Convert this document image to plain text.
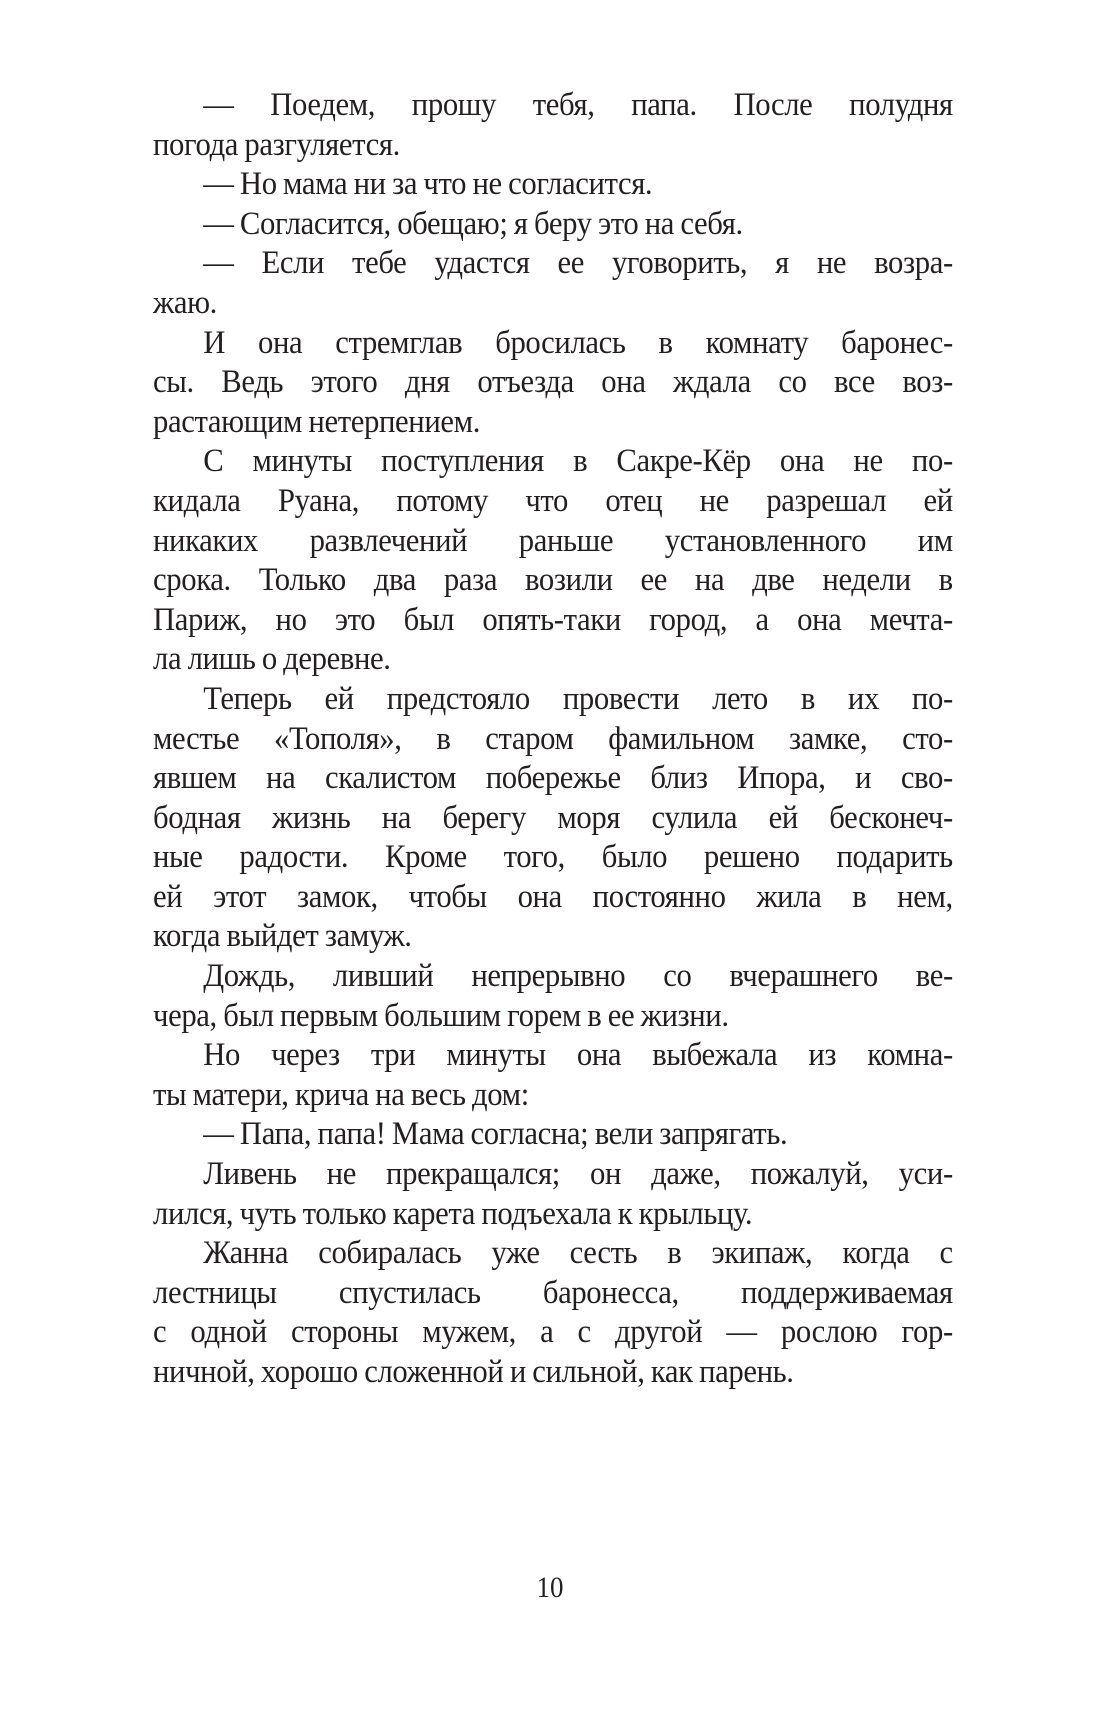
— Поедем, прошу тебя, папа. После полудня
погода разгуляется.
— Но мама ни за что не согласится.
— Согласится, обещаю; я беру это на себя.
— Если тебе удастся ее уговорить, я не возра-
жаю.
И она стремглав бросилась в комнату баронес-
сы. Ведь этого дня отъезда она ждала со все воз-
растающим нетерпением.
С минуты поступления в Сакре-Кёр она не по-
кидала Руана, потому что отец не разрешал ей
никаких развлечений раньше установленного им
срока. Только два раза возили ее на две недели в
Париж, но это был опять-таки город, а она мечта-
ла лишь о деревне.
Теперь ей предстояло провести лето в их по-
местье «Тополя», в старом фамильном замке, сто-
явшем на скалистом побережье близ Ипора, и сво-
бодная жизнь на берегу моря сулила ей бесконеч-
ные радости. Кроме того, было решено подарить
ей этот замок, чтобы она постоянно жила в нем,
когда выйдет замуж.
Дождь, ливший непрерывно со вчерашнего ве-
чера, был первым большим горем в ее жизни.
Но через три минуты она выбежала из комна-
ты матери, крича на весь дом:
— Папа, папа! Мама согласна; вели запрягать.
Ливень не прекращался; он даже, пожалуй, уси-
лился, чуть только карета подъехала к крыльцу.
Жанна собиралась уже сесть в экипаж, когда с
лестницы спустилась баронесса, поддерживаемая
с одной стороны мужем, а с другой — рослою гор-
ничной, хорошо сложенной и сильной, как парень.
10
